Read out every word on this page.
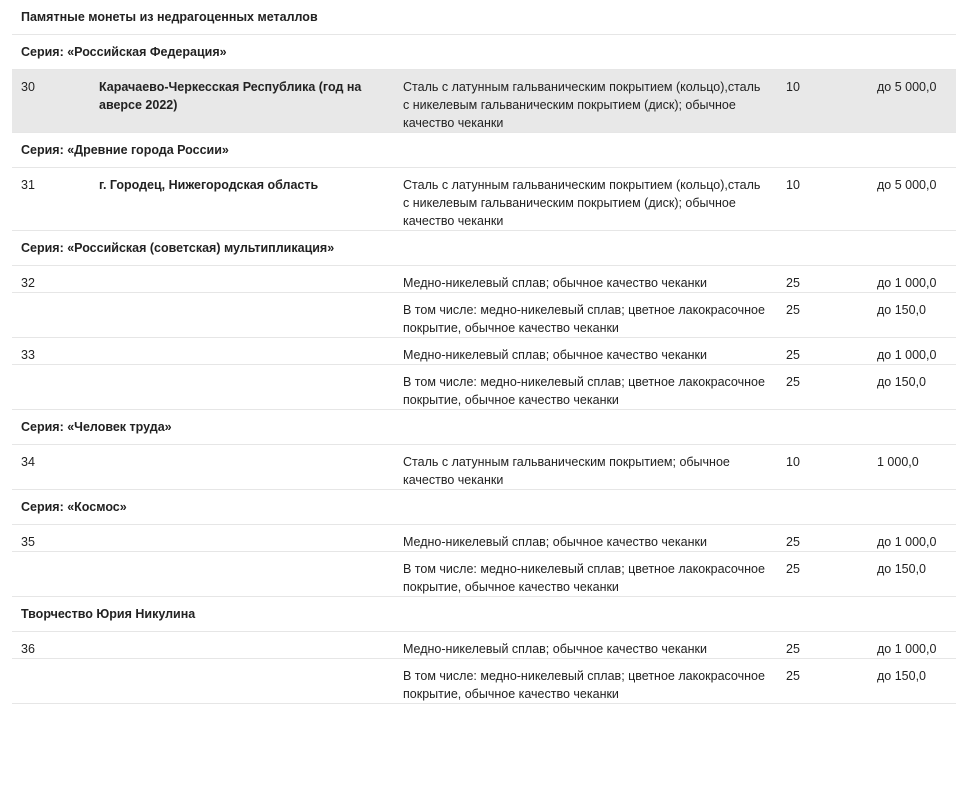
Памятные монеты из недрагоценных металлов				
Серия: «Российская Федерация»				
30	Карачаево-Черкесская Республика (год на аверсе 2022)	Сталь с латунным гальваническим покрытием (кольцо),сталь с никелевым гальваническим покрытием (диск); обычное качество чеканки	10	до 5 000,0
Серия: «Древние города России»				
31	г. Городец, Нижегородская область	Сталь с латунным гальваническим покрытием (кольцо),сталь с никелевым гальваническим покрытием (диск); обычное качество чеканки	10	до 5 000,0
Серия: «Российская (советская) мультипликация»				
32		Медно-никелевый сплав; обычное качество чеканки	25	до 1 000,0
		В том числе: медно-никелевый сплав; цветное лакокрасочное покрытие, обычное качество чеканки	25	до 150,0
33		Медно-никелевый сплав; обычное качество чеканки	25	до 1 000,0
		В том числе: медно-никелевый сплав; цветное лакокрасочное покрытие, обычное качество чеканки	25	до 150,0
Серия: «Человек труда»				
34		Сталь с латунным гальваническим покрытием; обычное качество чеканки	10	1 000,0
Серия: «Космос»				
35		Медно-никелевый сплав; обычное качество чеканки	25	до 1 000,0
		В том числе: медно-никелевый сплав; цветное лакокрасочное покрытие, обычное качество чеканки	25	до 150,0
Творчество Юрия Никулина				
36		Медно-никелевый сплав; обычное качество чеканки	25	до 1 000,0
		В том числе: медно-никелевый сплав; цветное лакокрасочное покрытие, обычное качество чеканки	25	до 150,0
